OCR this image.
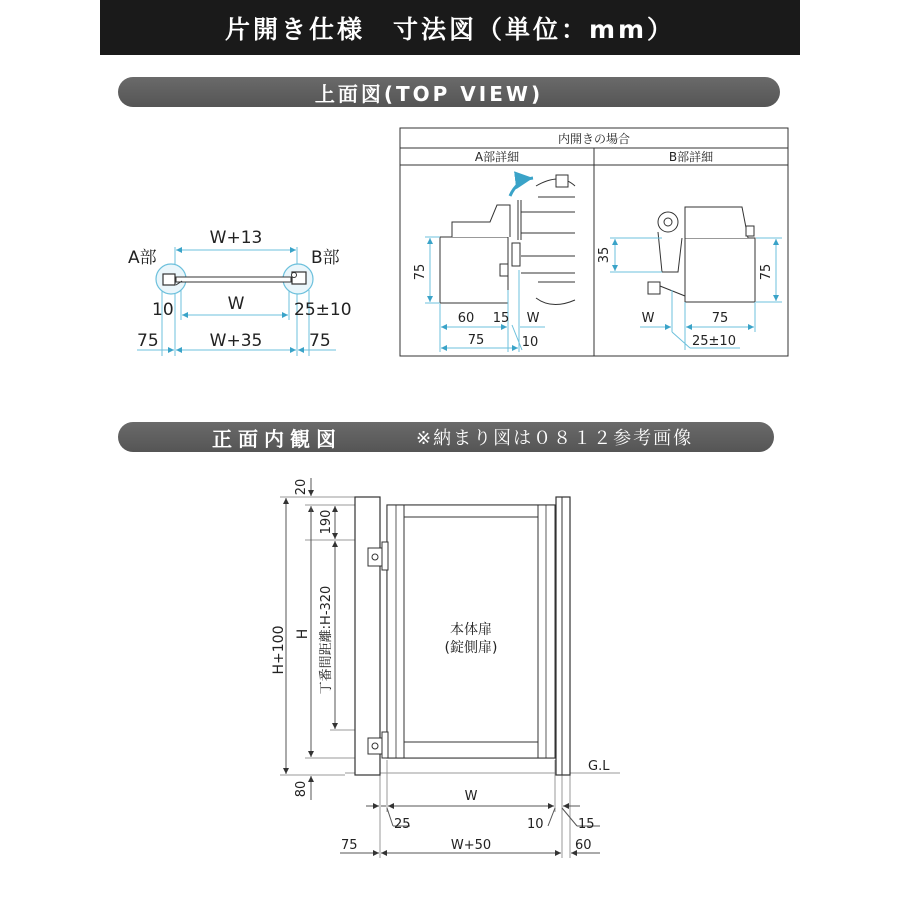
片開き仕様　寸法図（単位：mm）
上面図(TOP VIEW)
正面内観図	※納まり図は０８１２参考画像
A部	B部
W+13
W
10	25±10
75	W+35	75
内開きの場合
A部詳細	B部詳細
75
60 15 W
75	10
35
75
W	75
25±10
本体扉
(錠側扉)
20
190
H+100 H 丁番間距離:H-320
80
G.L
W
25	10	15
75	W+50	60
